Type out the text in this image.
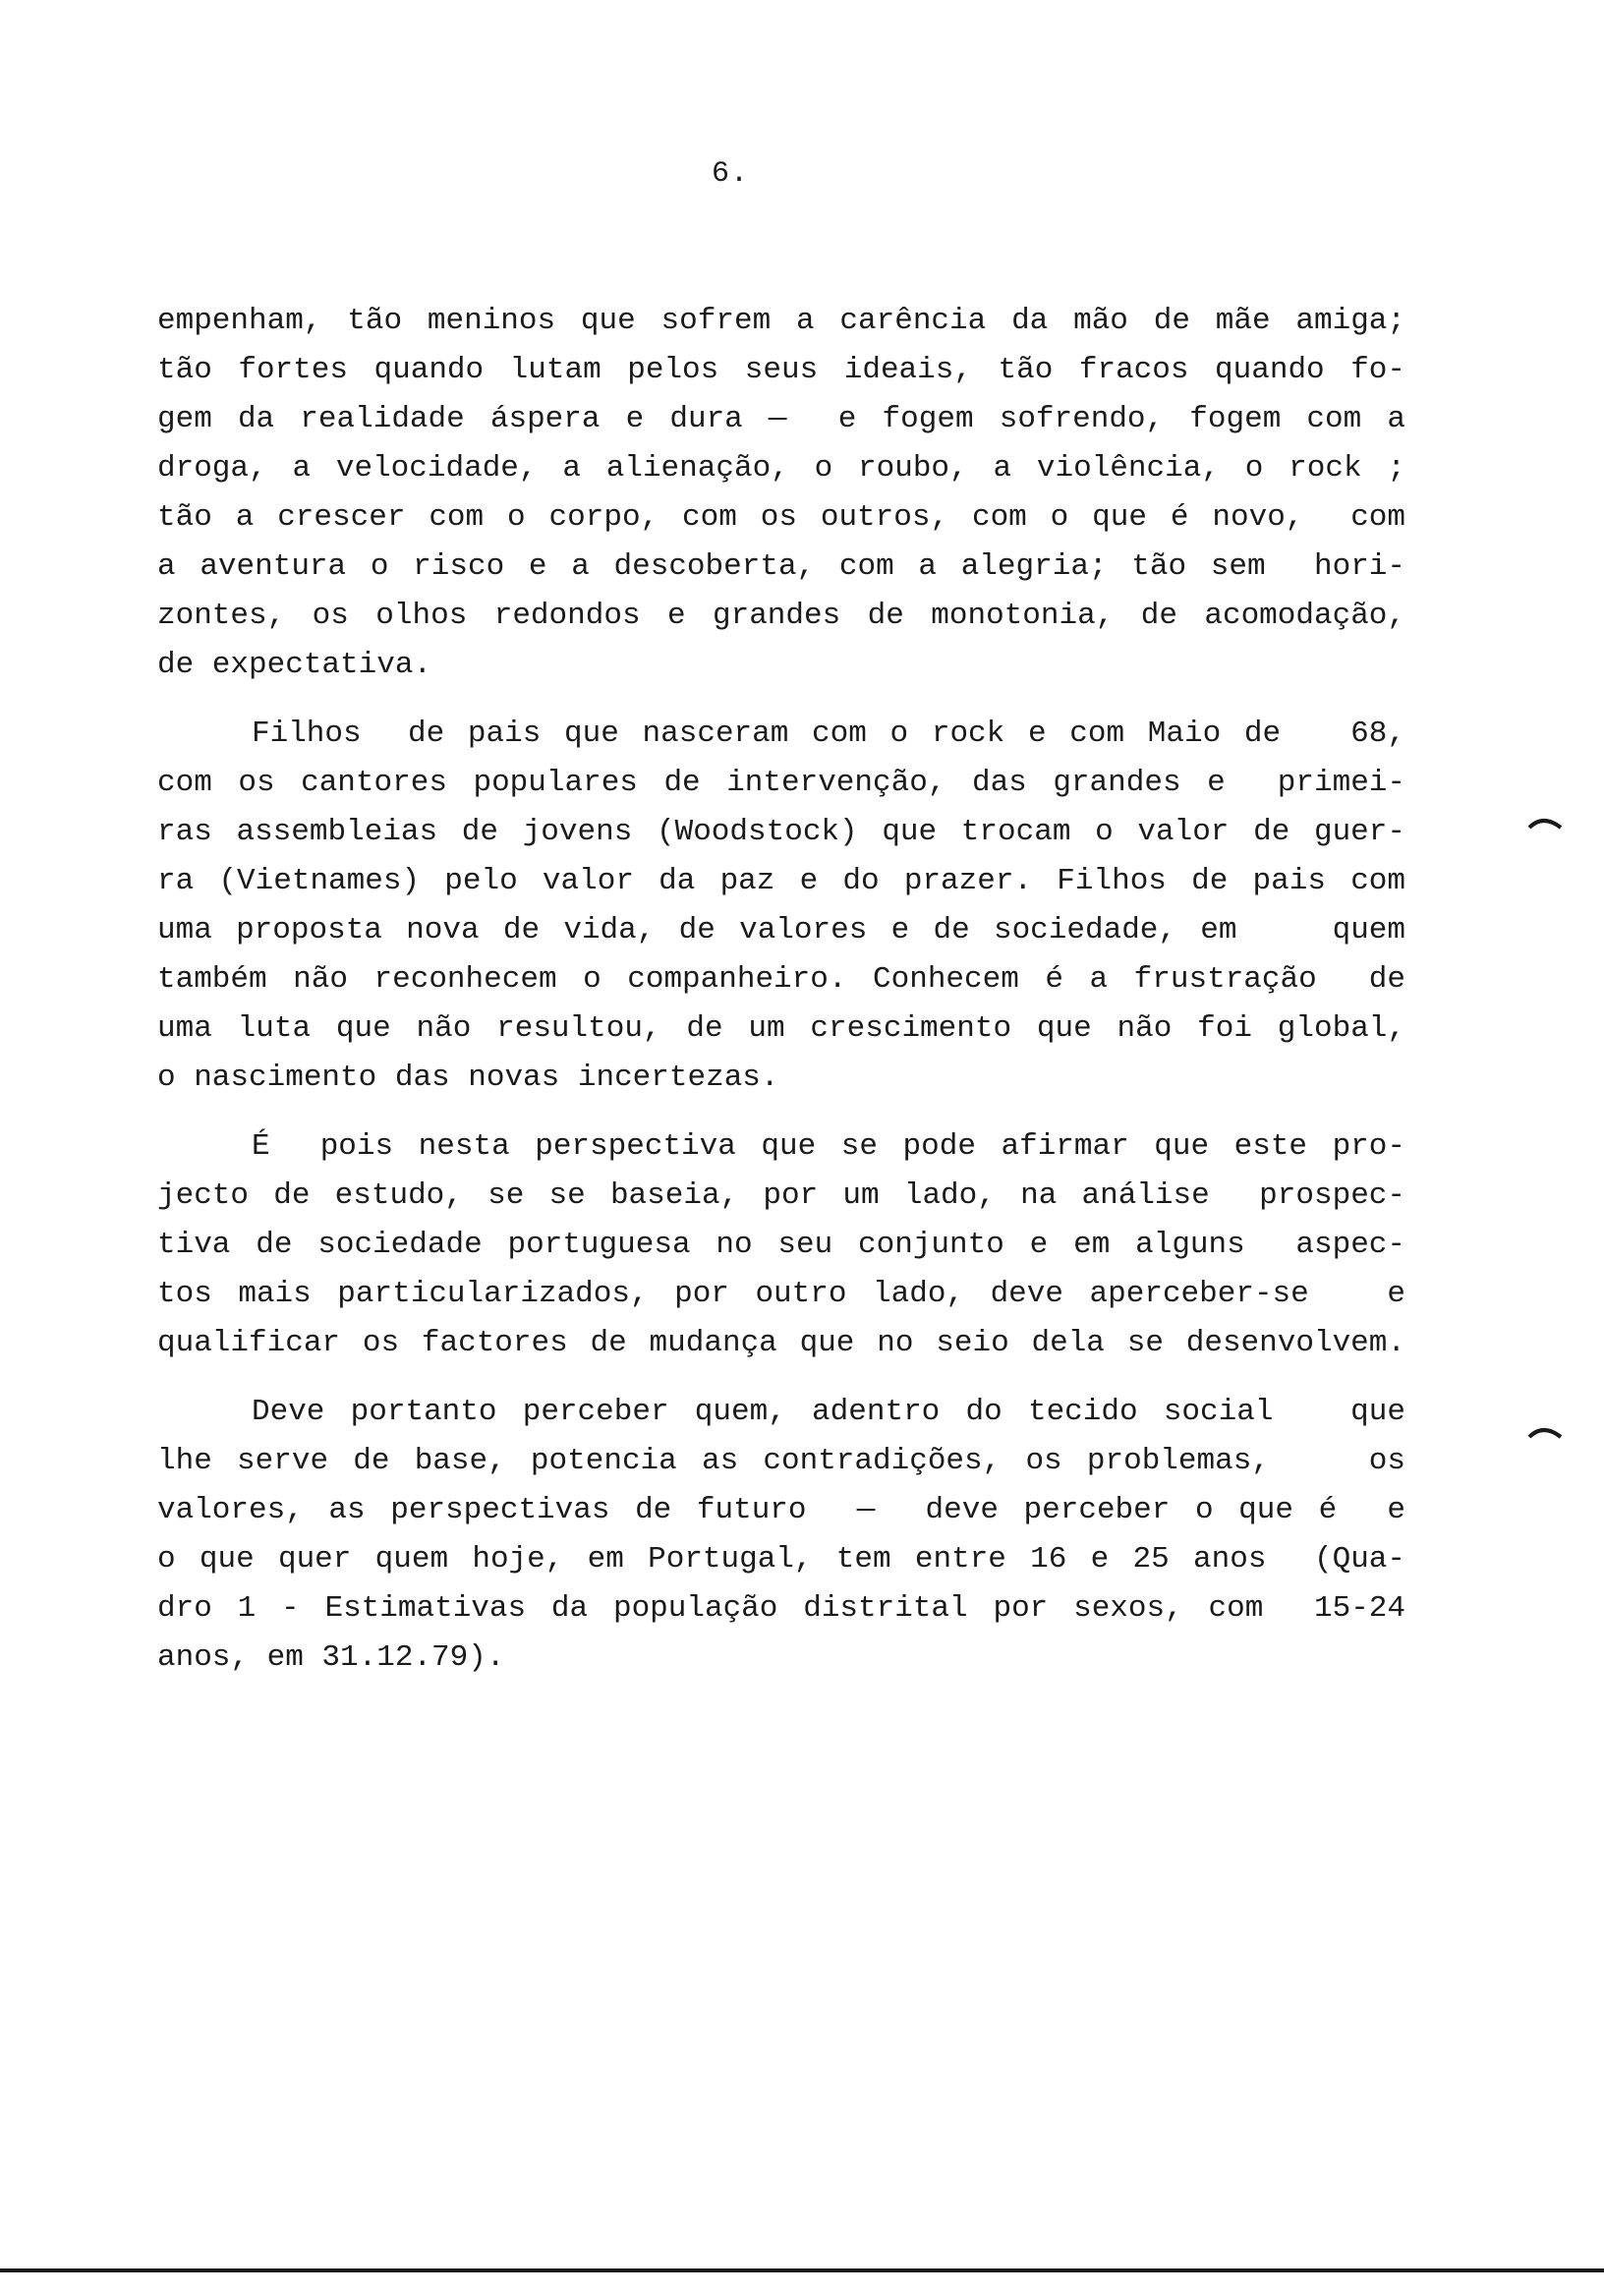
6.
empenham, tão meninos que sofrem a carência da mão de mãe amiga;
tão fortes quando lutam pelos seus ideais, tão fracos quando fo-
gem da realidade áspera e dura —  e fogem sofrendo, fogem com a
droga, a velocidade, a alienação, o roubo, a violência, o rock ;
tão a crescer com o corpo, com os outros, com o que é novo,  com
a aventura o risco e a descoberta, com a alegria; tão sem  hori-
zontes, os olhos redondos e grandes de monotonia, de acomodação,
de expectativa.
Filhos  de pais que nasceram com o rock e com Maio de   68,
com os cantores populares de intervenção, das grandes e  primei-
ras assembleias de jovens (Woodstock) que trocam o valor de guer-
ra (Vietnames) pelo valor da paz e do prazer. Filhos de pais com
uma proposta nova de vida, de valores e de sociedade, em    quem
também não reconhecem o companheiro. Conhecem é a frustração  de
uma luta que não resultou, de um crescimento que não foi global,
o nascimento das novas incertezas.
É  pois nesta perspectiva que se pode afirmar que este pro-
jecto de estudo, se se baseia, por um lado, na análise  prospec-
tiva de sociedade portuguesa no seu conjunto e em alguns  aspec-
tos mais particularizados, por outro lado, deve aperceber-se   e
qualificar os factores de mudança que no seio dela se desenvolvem.
Deve portanto perceber quem, adentro do tecido social   que
lhe serve de base, potencia as contradições, os problemas,    os
valores, as perspectivas de futuro  —  deve perceber o que é  e
o que quer quem hoje, em Portugal, tem entre 16 e 25 anos  (Qua-
dro 1 - Estimativas da população distrital por sexos, com  15-24
anos, em 31.12.79).
